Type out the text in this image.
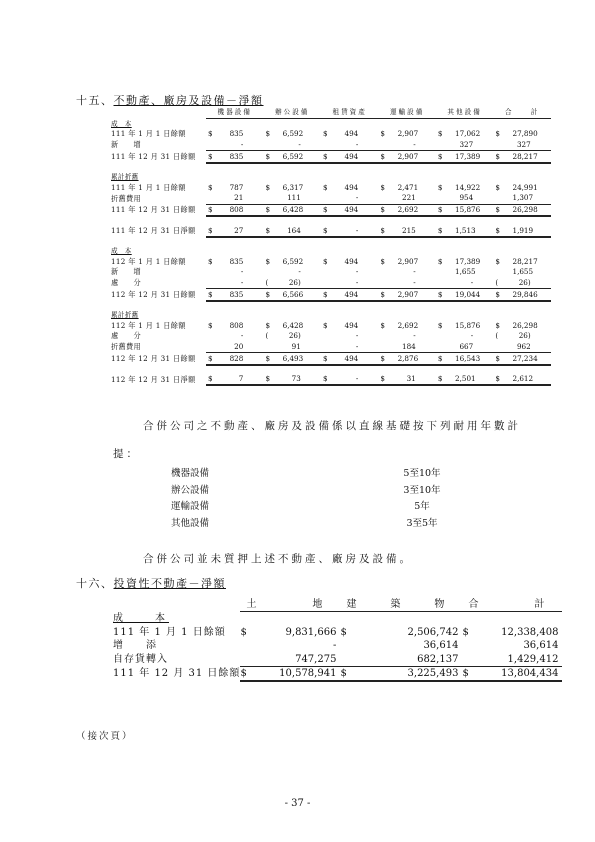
十五、不動產、廠房及設備－淨額
	機器設備			辦公設備			租賃資產			運輸設備			其他設備			合　　計		
成　本																		
111 年 1 月 1 日餘額	$	835		$	6,592		$	494		$	2,907		$	17,062		$	27,890	
新　　增		-			-			-			-			327			327	
111 年 12 月 31 日餘額	$	835		$	6,592		$	494		$	2,907		$	17,389		$	28,217	

累計折舊																		
111 年 1 月 1 日餘額	$	787		$	6,317		$	494		$	2,471		$	14,922		$	24,991	
折舊費用		21			111			-			221			954			1,307	
111 年 12 月 31 日餘額	$	808		$	6,428		$	494		$	2,692		$	15,876		$	26,298	

111 年 12 月 31 日淨額	$	27		$	164		$	-		$	215		$	1,513		$	1,919	

成　本																		
112 年 1 月 1 日餘額	$	835		$	6,592		$	494		$	2,907		$	17,389		$	28,217	
新　　增		-			-			-			-			1,655			1,655	
處　　分		-		(	26)			-			-			-		(	26)	
112 年 12 月 31 日餘額	$	835		$	6,566		$	494		$	2,907		$	19,044		$	29,846	

累計折舊																		
112 年 1 月 1 日餘額	$	808		$	6,428		$	494		$	2,692		$	15,876		$	26,298	
處　　分		-		(	26)			-			-			-		(	26)	
折舊費用		20			91			-			184			667			962	
112 年 12 月 31 日餘額	$	828		$	6,493		$	494		$	2,876		$	16,543		$	27,234	

112 年 12 月 31 日淨額	$	7		$	73		$	-		$	31		$	2,501		$	2,612	
合併公司之不動產、廠房及設備係以直線基礎按下列耐用年數計
提：
機器設備	5至10年
辦公設備	3至10年
運輸設備	5年
其他設備	3至5年
合併公司並未質押上述不動產、廠房及設備。
十六、投資性不動產－淨額

土　　地		建　築　物		合　　計	

成　　本						
111 年 1 月 1 日餘額	$	9,831,666	$	2,506,742	$	12,338,408
增　　添		-		36,614		36,614
自存貨轉入		747,275		682,137		1,429,412
111 年 12 月 31 日餘額	$	10,578,941	$	3,225,493	$	13,804,434
（接次頁）
- 37 -
